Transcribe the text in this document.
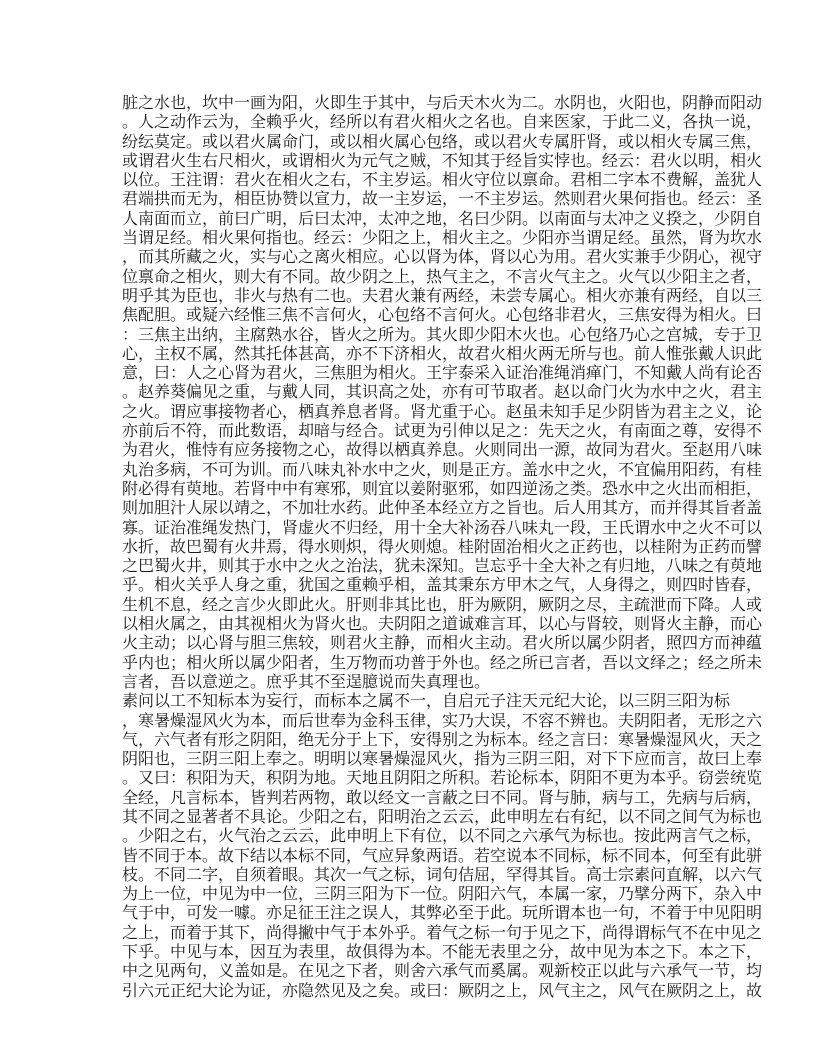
脏之水也，坎中一画为阳，火即生于其中，与后天木火为二。水阴也，火阳也，阴静而阳动
。人之动作云为，全赖乎火，经所以有君火相火之名也。自来医家，于此二义，各执一说，
纷纭莫定。或以君火属命门，或以相火属心包络，或以君火专属肝肾，或以相火专属三焦，
或谓君火生右尺相火，或谓相火为元气之贼，不知其于经旨实悖也。经云：君火以明，相火
以位。王注谓：君火在相火之右，不主岁运。相火守位以禀命。君相二字本不费解，盖犹人
君端拱而无为，相臣协赞以宣力，故一主岁运，一不主岁运。然则君火果何指也。经云：圣
人南面而立，前曰广明，后曰太冲，太冲之地，名曰少阴。以南面与太冲之义揆之，少阴自
当谓足经。相火果何指也。经云：少阳之上，相火主之。少阳亦当谓足经。虽然，肾为坎水
，而其所藏之火，实与心之离火相应。心以肾为体，肾以心为用。君火实兼手少阴心，视守
位禀命之相火，则大有不同。故少阴之上，热气主之，不言火气主之。火气以少阳主之者，
明乎其为臣也，非火与热有二也。夫君火兼有两经，未尝专属心。相火亦兼有两经，自以三
焦配胆。或疑六经惟三焦不言何火，心包络不言何火。心包络非君火，三焦安得为相火。曰
：三焦主出纳，主腐熟水谷，皆火之所为。其火即少阳木火也。心包络乃心之宫城，专于卫
心，主权不属，然其托体甚高，亦不下济相火，故君火相火两无所与也。前人惟张戴人识此
意，曰：人之心肾为君火，三焦胆为相火。王宇泰采入证治准绳消瘅门，不知戴人尚有论否
。赵养葵偏见之重，与戴人同，其识高之处，亦有可节取者。赵以命门火为水中之火，君主
之火。谓应事接物者心，栖真养息者肾。肾尤重于心。赵虽未知手足少阴皆为君主之义，论
亦前后不符，而此数语，却暗与经合。试更为引伸以足之：先天之火，有南面之尊，安得不
为君火，惟恃有应务接物之心，故得以栖真养息。火则同出一源，故同为君火。至赵用八味
丸治多病，不可为训。而八味丸补水中之火，则是正方。盖水中之火，不宜偏用阳药，有桂
附必得有萸地。若肾中中有寒邪，则宜以姜附驱邪，如四逆汤之类。恐水中之火出而相拒，
则加胆汁人尿以靖之，不加壮水药。此仲圣本经立方之旨也。后人用其方，而并得其旨者盖
寡。证治准绳发热门，肾虚火不归经，用十全大补汤吞八味丸一段，王氏谓水中之火不可以
水折，故巴蜀有火井焉，得水则炽，得火则熄。桂附固治相火之正药也，以桂附为正药而譬
之巴蜀火井，则其于水中之火之治法，犹未深知。岂忘乎十全大补之有归地，八味之有萸地
乎。相火关乎人身之重，犹国之重赖乎相，盖其秉东方甲木之气，人身得之，则四时皆春，
生机不息，经之言少火即此火。肝则非其比也，肝为厥阴，厥阴之尽，主疏泄而下降。人或
以相火属之，由其视相火为肾火也。夫阴阳之道诚难言耳，以心与肾较，则肾火主静，而心
火主动；以心肾与胆三焦较，则君火主静，而相火主动。君火所以属少阴者，照四方而神蕴
乎内也；相火所以属少阳者，生万物而功普于外也。经之所已言者，吾以文绎之；经之所未
言者，吾以意逆之。庶乎其不至逞臆说而失真理也。
素问以工不知标本为妄行，而标本之属不一，自启元子注天元纪大论，以三阴三阳为标
，寒暑燥湿风火为本，而后世奉为金科玉律，实乃大误，不容不辨也。夫阴阳者，无形之六
气，六气者有形之阴阳，绝无分于上下，安得别之为标本。经之言曰：寒暑燥湿风火，天之
阴阳也，三阴三阳上奉之。明明以寒暑燥湿风火，指为三阴三阳，对下下应而言，故曰上奉
。又曰：积阳为天，积阴为地。天地且阴阳之所积。若论标本，阴阳不更为本乎。窃尝统览
全经，凡言标本，皆判若两物，敢以经文一言蔽之曰不同。肾与肺，病与工，先病与后病，
其不同之显著者不具论。少阳之右，阳明治之云云，此申明左右有纪，以不同之间气为标也
。少阳之右，火气治之云云，此申明上下有位，以不同之六承气为标也。按此两言气之标，
皆不同于本。故下结以本标不同，气应异象两语。若空说本不同标，标不同本，何至有此骈
枝。不同二字，自须着眼。其次一气之标，词句佶屈，罕得其旨。高士宗素问直解，以六气
为上一位，中见为中一位，三阴三阳为下一位。阴阳六气，本属一家，乃擘分两下，杂入中
气于中，可发一噱。亦足征王注之误人，其弊必至于此。玩所谓本也一句，不着于中见阳明
之上，而着于其下，尚得撇中气于本外乎。着气之标一句于见之下，尚得谓标气不在中见之
下乎。中见与本，因互为表里，故俱得为本。不能无表里之分，故中见为本之下。本之下，
中之见两句，义盖如是。在见之下者，则舍六承气而奚属。观新校正以此与六承气一节，均
引六元正纪大论为证，亦隐然见及之矣。或曰：厥阴之上，风气主之，风气在厥阴之上，故
